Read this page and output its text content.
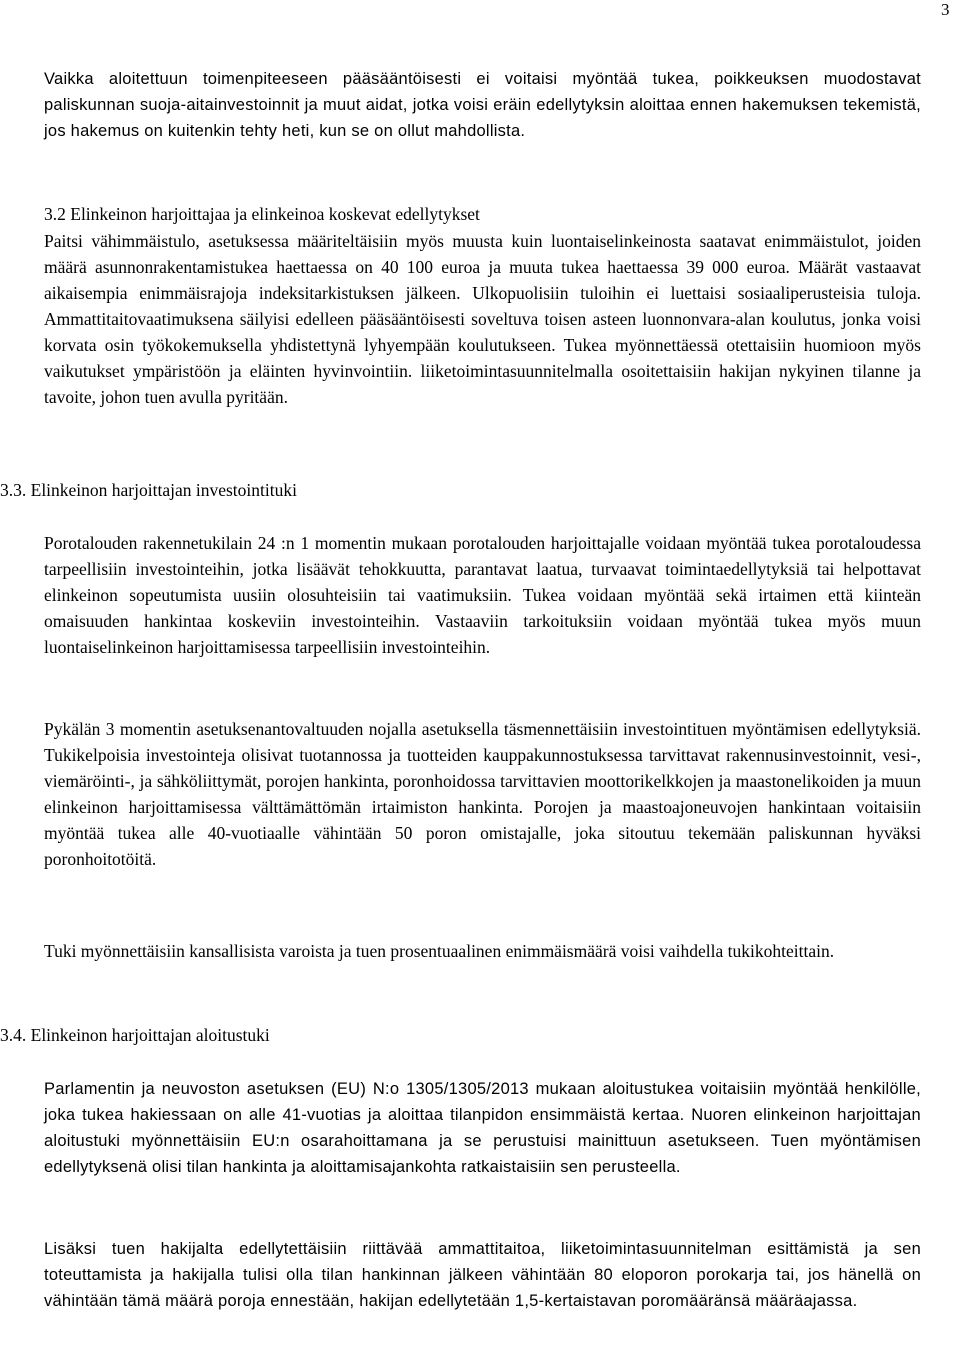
3

Vaikka aloitettuun toimenpiteeseen pääsääntöisesti ei voitaisi myöntää tukea, poikkeuksen muodostavat paliskunnan suoja-aitainvestoinnit ja muut aidat, jotka voisi eräin edellytyksin aloittaa ennen hakemuksen tekemistä, jos hakemus on kuitenkin tehty heti, kun se on ollut mahdollista.

3.2 Elinkeinon harjoittajaa ja elinkeinoa koskevat edellytykset

Paitsi vähimmäistulo, asetuksessa määriteltäisiin myös muusta kuin luontaiselinkeinosta saatavat enimmäistulot, joiden määrä asunnonrakentamistukea haettaessa on 40 100 euroa ja muuta tukea haettaessa 39 000 euroa. Määrät vastaavat aikaisempia enimmäisrajoja indeksitarkistuksen jälkeen. Ulkopuolisiin tuloihin ei luettaisi sosiaaliperusteisia tuloja. Ammattitaitovaatimuksena säilyisi edelleen pääsääntöisesti soveltuva toisen asteen luonnonvara-alan koulutus, jonka voisi korvata osin työkokemuksella yhdistettynä lyhyempään koulutukseen. Tukea myönnettäessä otettaisiin huomioon myös vaikutukset ympäristöön ja eläinten hyvinvointiin. liiketoimintasuunnitelmalla osoitettaisiin hakijan nykyinen tilanne ja tavoite, johon tuen avulla pyritään.

3.3. Elinkeinon harjoittajan investointituki

Porotalouden rakennetukilain 24 :n 1 momentin mukaan porotalouden harjoittajalle voidaan myöntää tukea porotaloudessa tarpeellisiin investointeihin, jotka lisäävät tehokkuutta, parantavat laatua, turvaavat toimintaedellytyksiä tai helpottavat elinkeinon sopeutumista uusiin olosuhteisiin tai vaatimuksiin. Tukea voidaan myöntää sekä irtaimen että kiinteän omaisuuden hankintaa koskeviin investointeihin. Vastaaviin tarkoituksiin voidaan myöntää tukea myös muun luontaiselinkeinon harjoittamisessa tarpeellisiin investointeihin.

Pykälän 3 momentin asetuksenantovaltuuden nojalla asetuksella täsmennettäisiin investointituen myöntämisen edellytyksiä. Tukikelpoisia investointeja olisivat tuotannossa ja tuotteiden kauppakunnostuksessa tarvittavat rakennusinvestoinnit, vesi-, viemäröinti-, ja sähköliittymät, porojen hankinta, poronhoidossa tarvittavien moottorikelkkojen ja maastonelikoiden ja muun elinkeinon harjoittamisessa välttämättömän irtaimiston hankinta. Porojen ja maastoajoneuvojen hankintaan voitaisiin myöntää tukea alle 40-vuotiaalle vähintään 50 poron omistajalle, joka sitoutuu tekemään paliskunnan hyväksi poronhoitotöitä.

Tuki myönnettäisiin kansallisista varoista ja tuen prosentuaalinen enimmäismäärä voisi vaihdella tukikohteittain.

3.4. Elinkeinon harjoittajan aloitustuki

Parlamentin ja neuvoston asetuksen (EU) N:o 1305/1305/2013 mukaan aloitustukea voitaisiin myöntää henkilölle, joka tukea hakiessaan on alle 41-vuotias ja aloittaa tilanpidon ensimmäistä kertaa. Nuoren elinkeinon harjoittajan aloitustuki myönnettäisiin EU:n osarahoittamana ja se perustuisi mainittuun asetukseen. Tuen myöntämisen edellytyksenä olisi tilan hankinta ja aloittamisajankohta ratkaistaisiin sen perusteella.

Lisäksi tuen hakijalta edellytettäisiin riittävää ammattitaitoa, liiketoimintasuunnitelman esittämistä ja sen toteuttamista ja hakijalla tulisi olla tilan hankinnan jälkeen vähintään 80 eloporon porokarja tai, jos hänellä on vähintään tämä määrä poroja ennestään, hakijan edellytetään 1,5-kertaistavan poromääränsä määräajassa.
